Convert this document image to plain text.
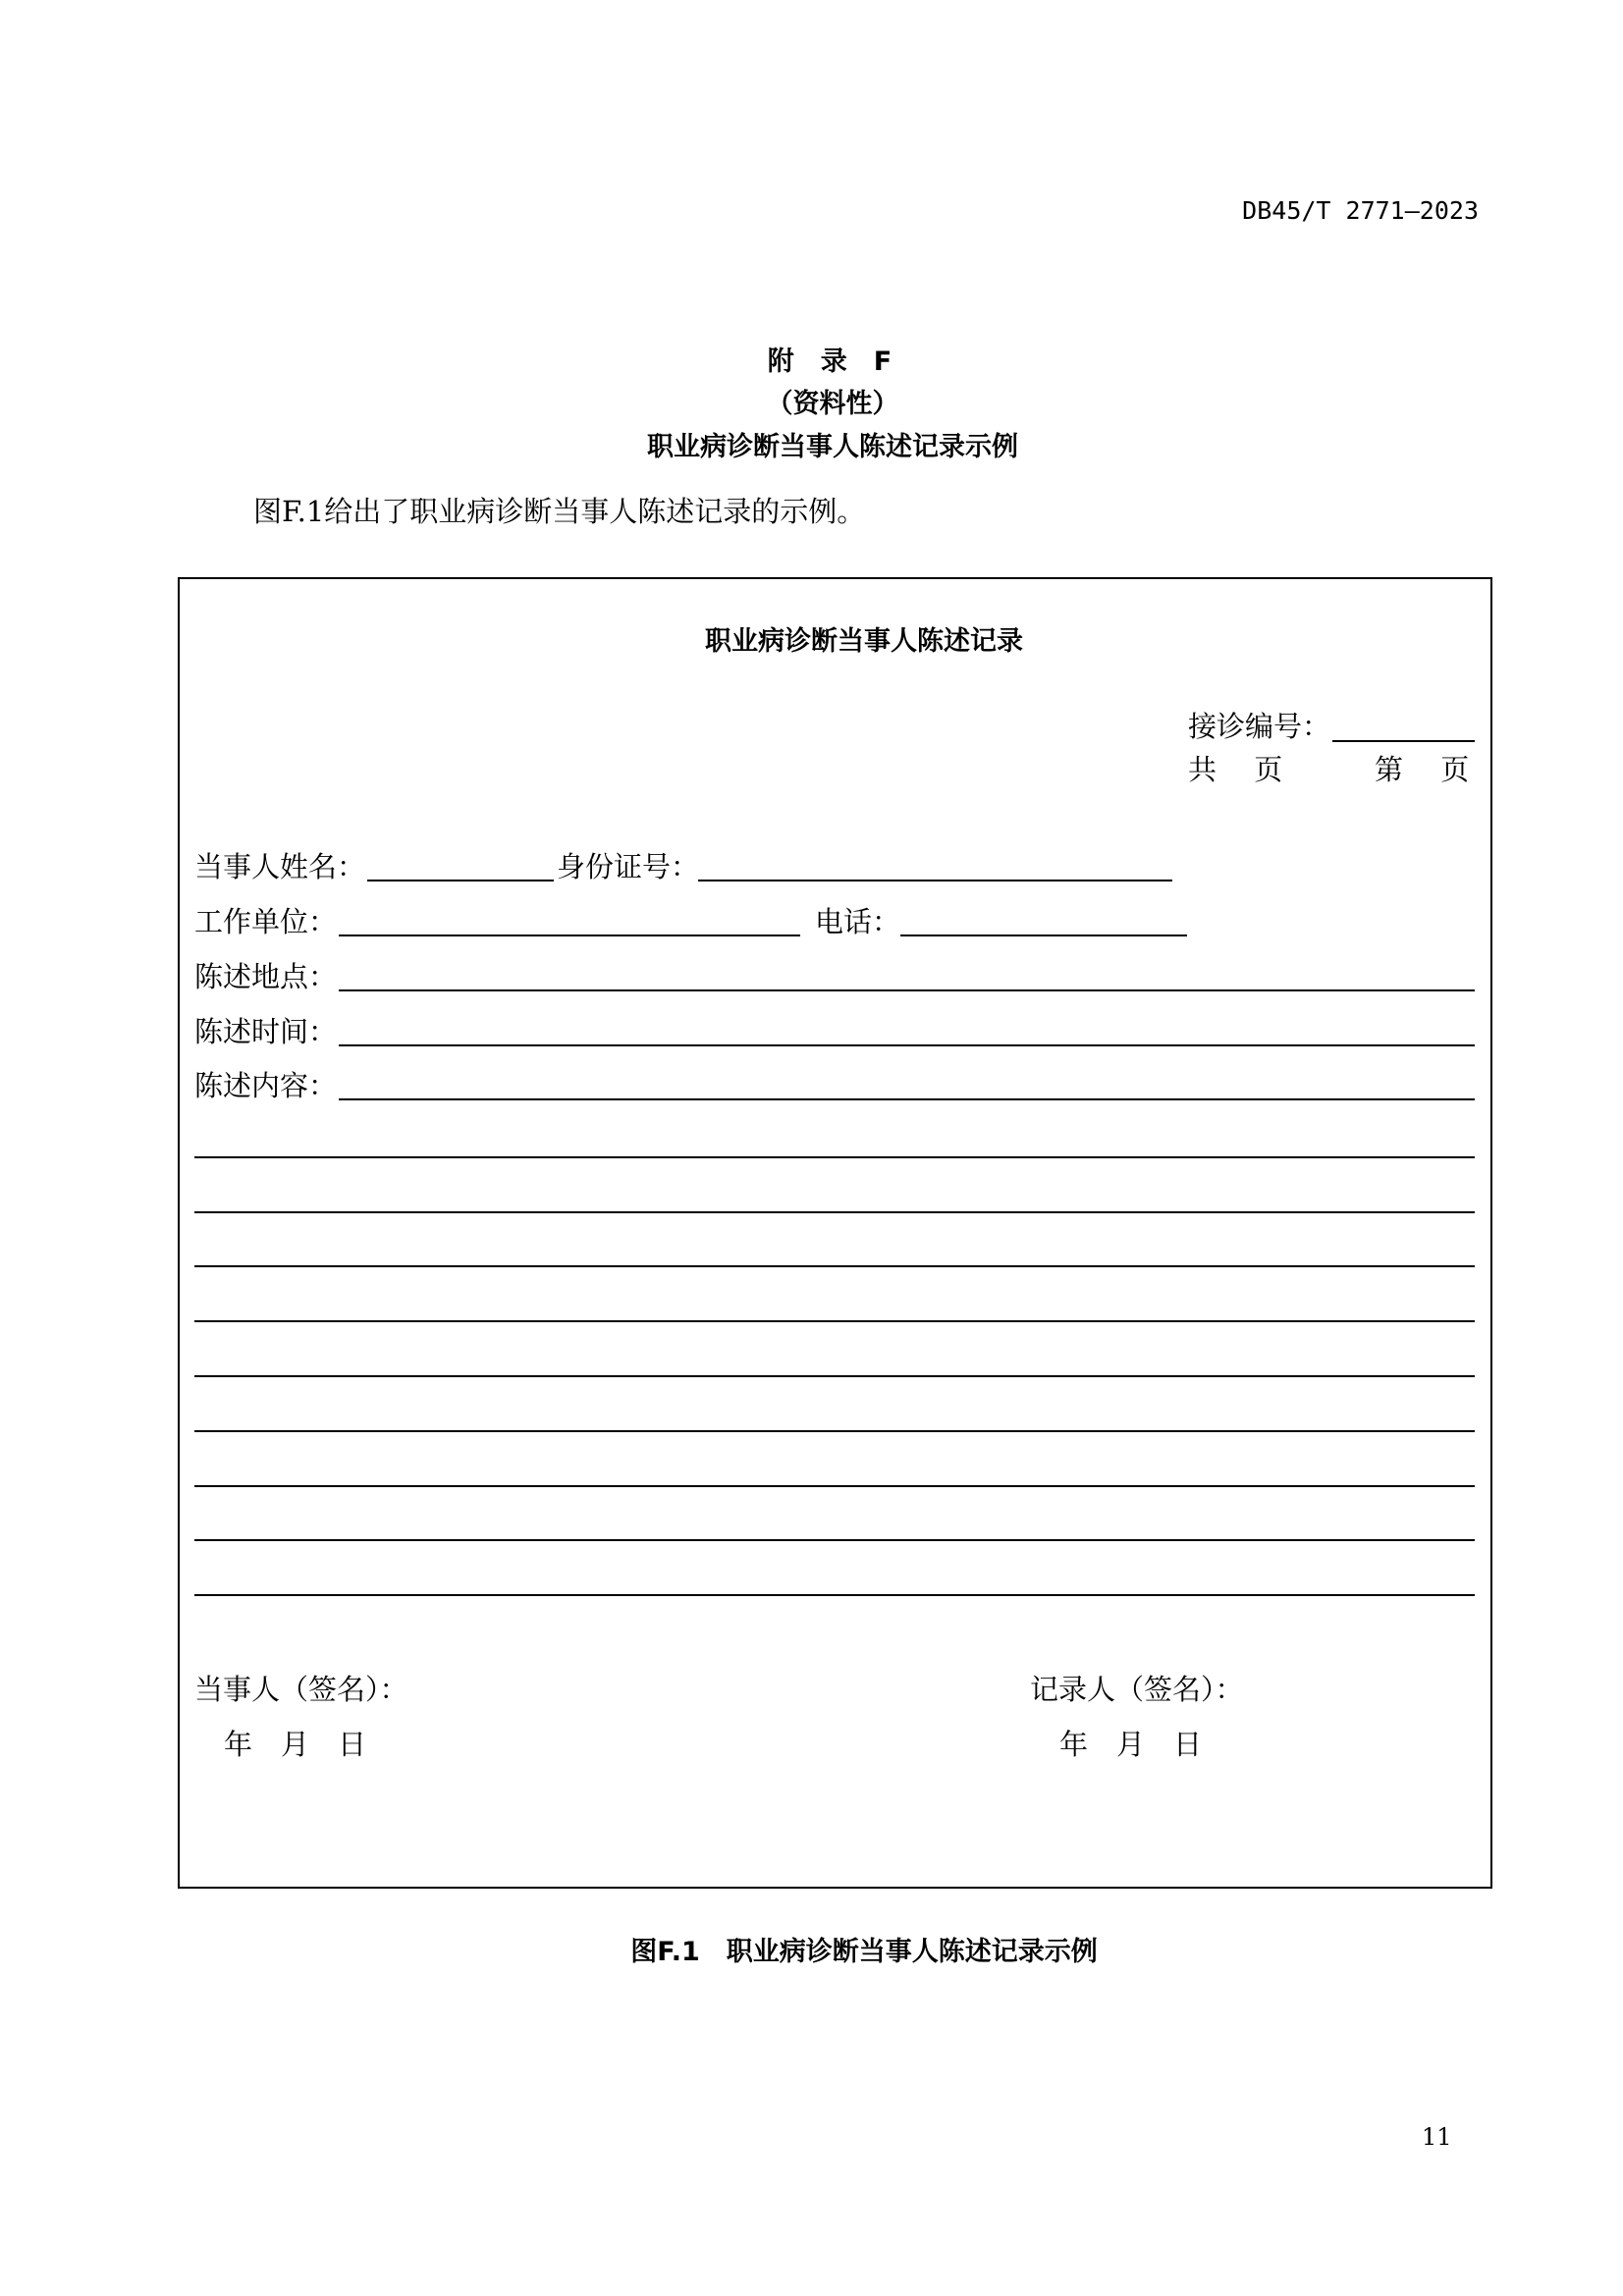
DB45/T 2771—2023
附　录　F
（资料性）
职业病诊断当事人陈述记录示例
图F.1给出了职业病诊断当事人陈述记录的示例。
职业病诊断当事人陈述记录
接诊编号：
共　 页	第　 页
当事人姓名：	身份证号：
工作单位：	电话：
陈述地点：
陈述时间：
陈述内容：
当事人（签名）：	记录人（签名）：
年　月　日	年　月　日
图F.1　职业病诊断当事人陈述记录示例
11
